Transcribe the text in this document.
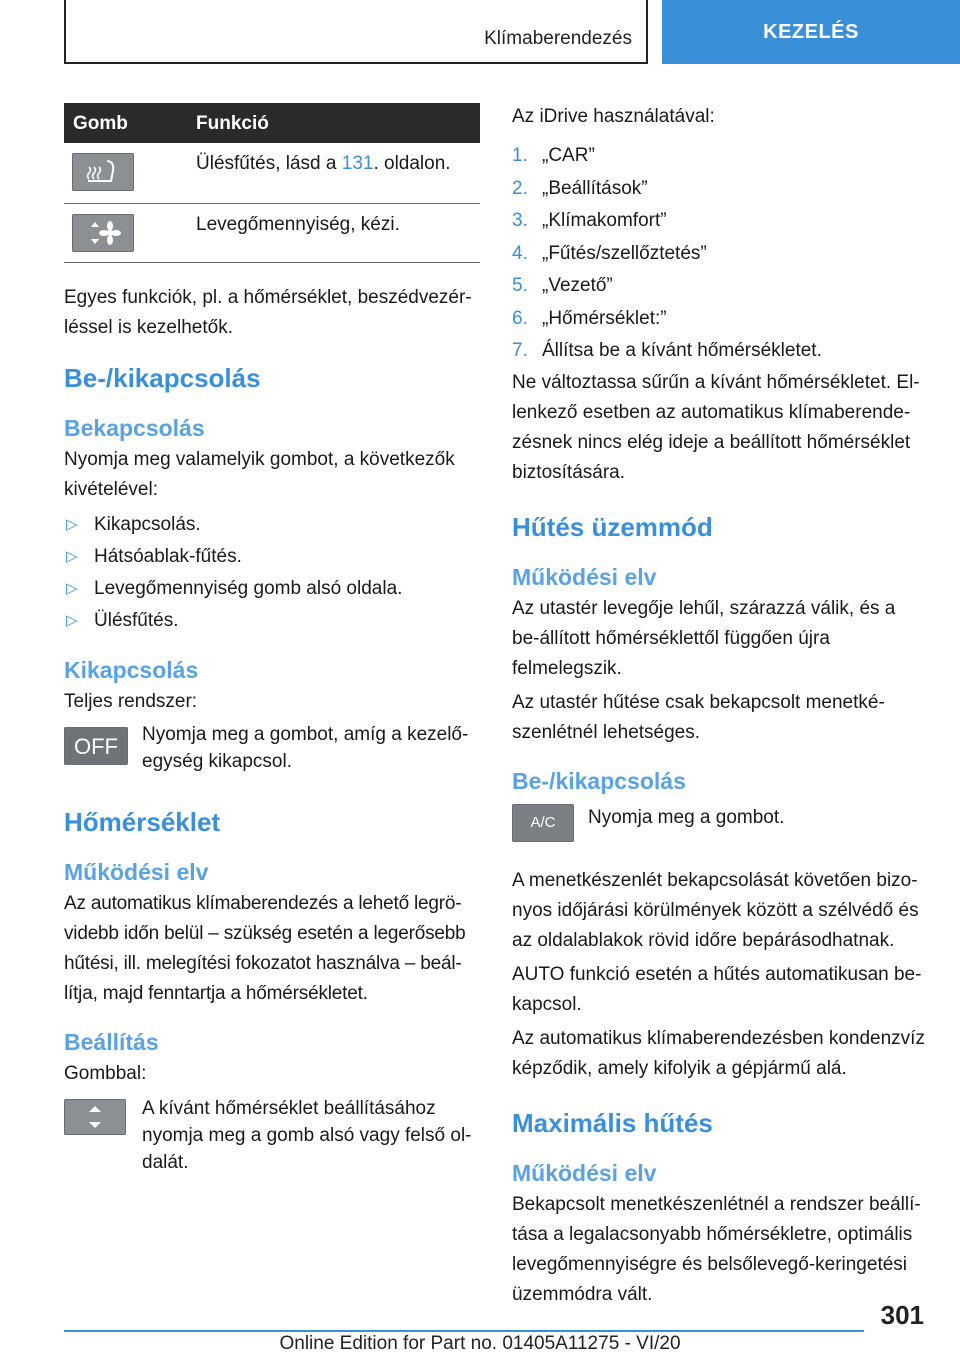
Klímaberendezés	KEZELÉS
Gomb	Funkció
Ülésfűtés, lásd a 131. oldalon.
Levegőmennyiség, kézi.

Egyes funkciók, pl. a hőmérséklet, beszédvezér-léssel is kezelhetők.

Be-/kikapcsolás
Bekapcsolás

Nyomja meg valamelyik gombot, a következők kivételével:

▷ Kikapcsolás.
▷ Hátsóablak-fűtés.
▷ Levegőmennyiség gomb alsó oldala.
▷ Ülésfűtés.
Kikapcsolás

Teljes rendszer:

OFF	Nyomja meg a gombot, amíg a kezelő-egység kikapcsol.
Hőmérséklet
Működési elv

Az automatikus klímaberendezés a lehető legrö-videbb időn belül – szükség esetén a legerősebb hűtési, ill. melegítési fokozatot használva – beál-lítja, majd fenntartja a hőmérsékletet.

Beállítás

Gombbal:

A kívánt hőmérséklet beállításához nyomja meg a gomb alsó vagy felső ol-dalát.

Az iDrive használatával:

1. „CAR”
2. „Beállítások”
3. „Klímakomfort”
4. „Fűtés/szellőztetés”
5. „Vezető”
6. „Hőmérséklet:”
7. Állítsa be a kívánt hőmérsékletet.

Ne változtassa sűrűn a kívánt hőmérsékletet. El-lenkező esetben az automatikus klímaberende-zésnek nincs elég ideje a beállított hőmérséklet biztosítására.

Hűtés üzemmód
Működési elv

Az utastér levegője lehűl, szárazzá válik, és a be-állított hőmérséklettől függően újra felmelegszik.

Az utastér hűtése csak bekapcsolt menetké-szenlétnél lehetséges.

Be-/kikapcsolás
A/C	Nyomja meg a gombot.

A menetkészenlét bekapcsolását követően bizo-nyos időjárási körülmények között a szélvédő és az oldalablakok rövid időre bepárásodhatnak.

AUTO funkció esetén a hűtés automatikusan be-kapcsol.

Az automatikus klímaberendezésben kondenzvíz képződik, amely kifolyik a gépjármű alá.

Maximális hűtés
Működési elv

Bekapcsolt menetkészenlétnél a rendszer beállí-tása a legalacsonyabb hőmérsékletre, optimális levegőmennyiségre és belsőlevegő-keringetési üzemmódra vált.

301
Online Edition for Part no. 01405A11275 - VI/20
